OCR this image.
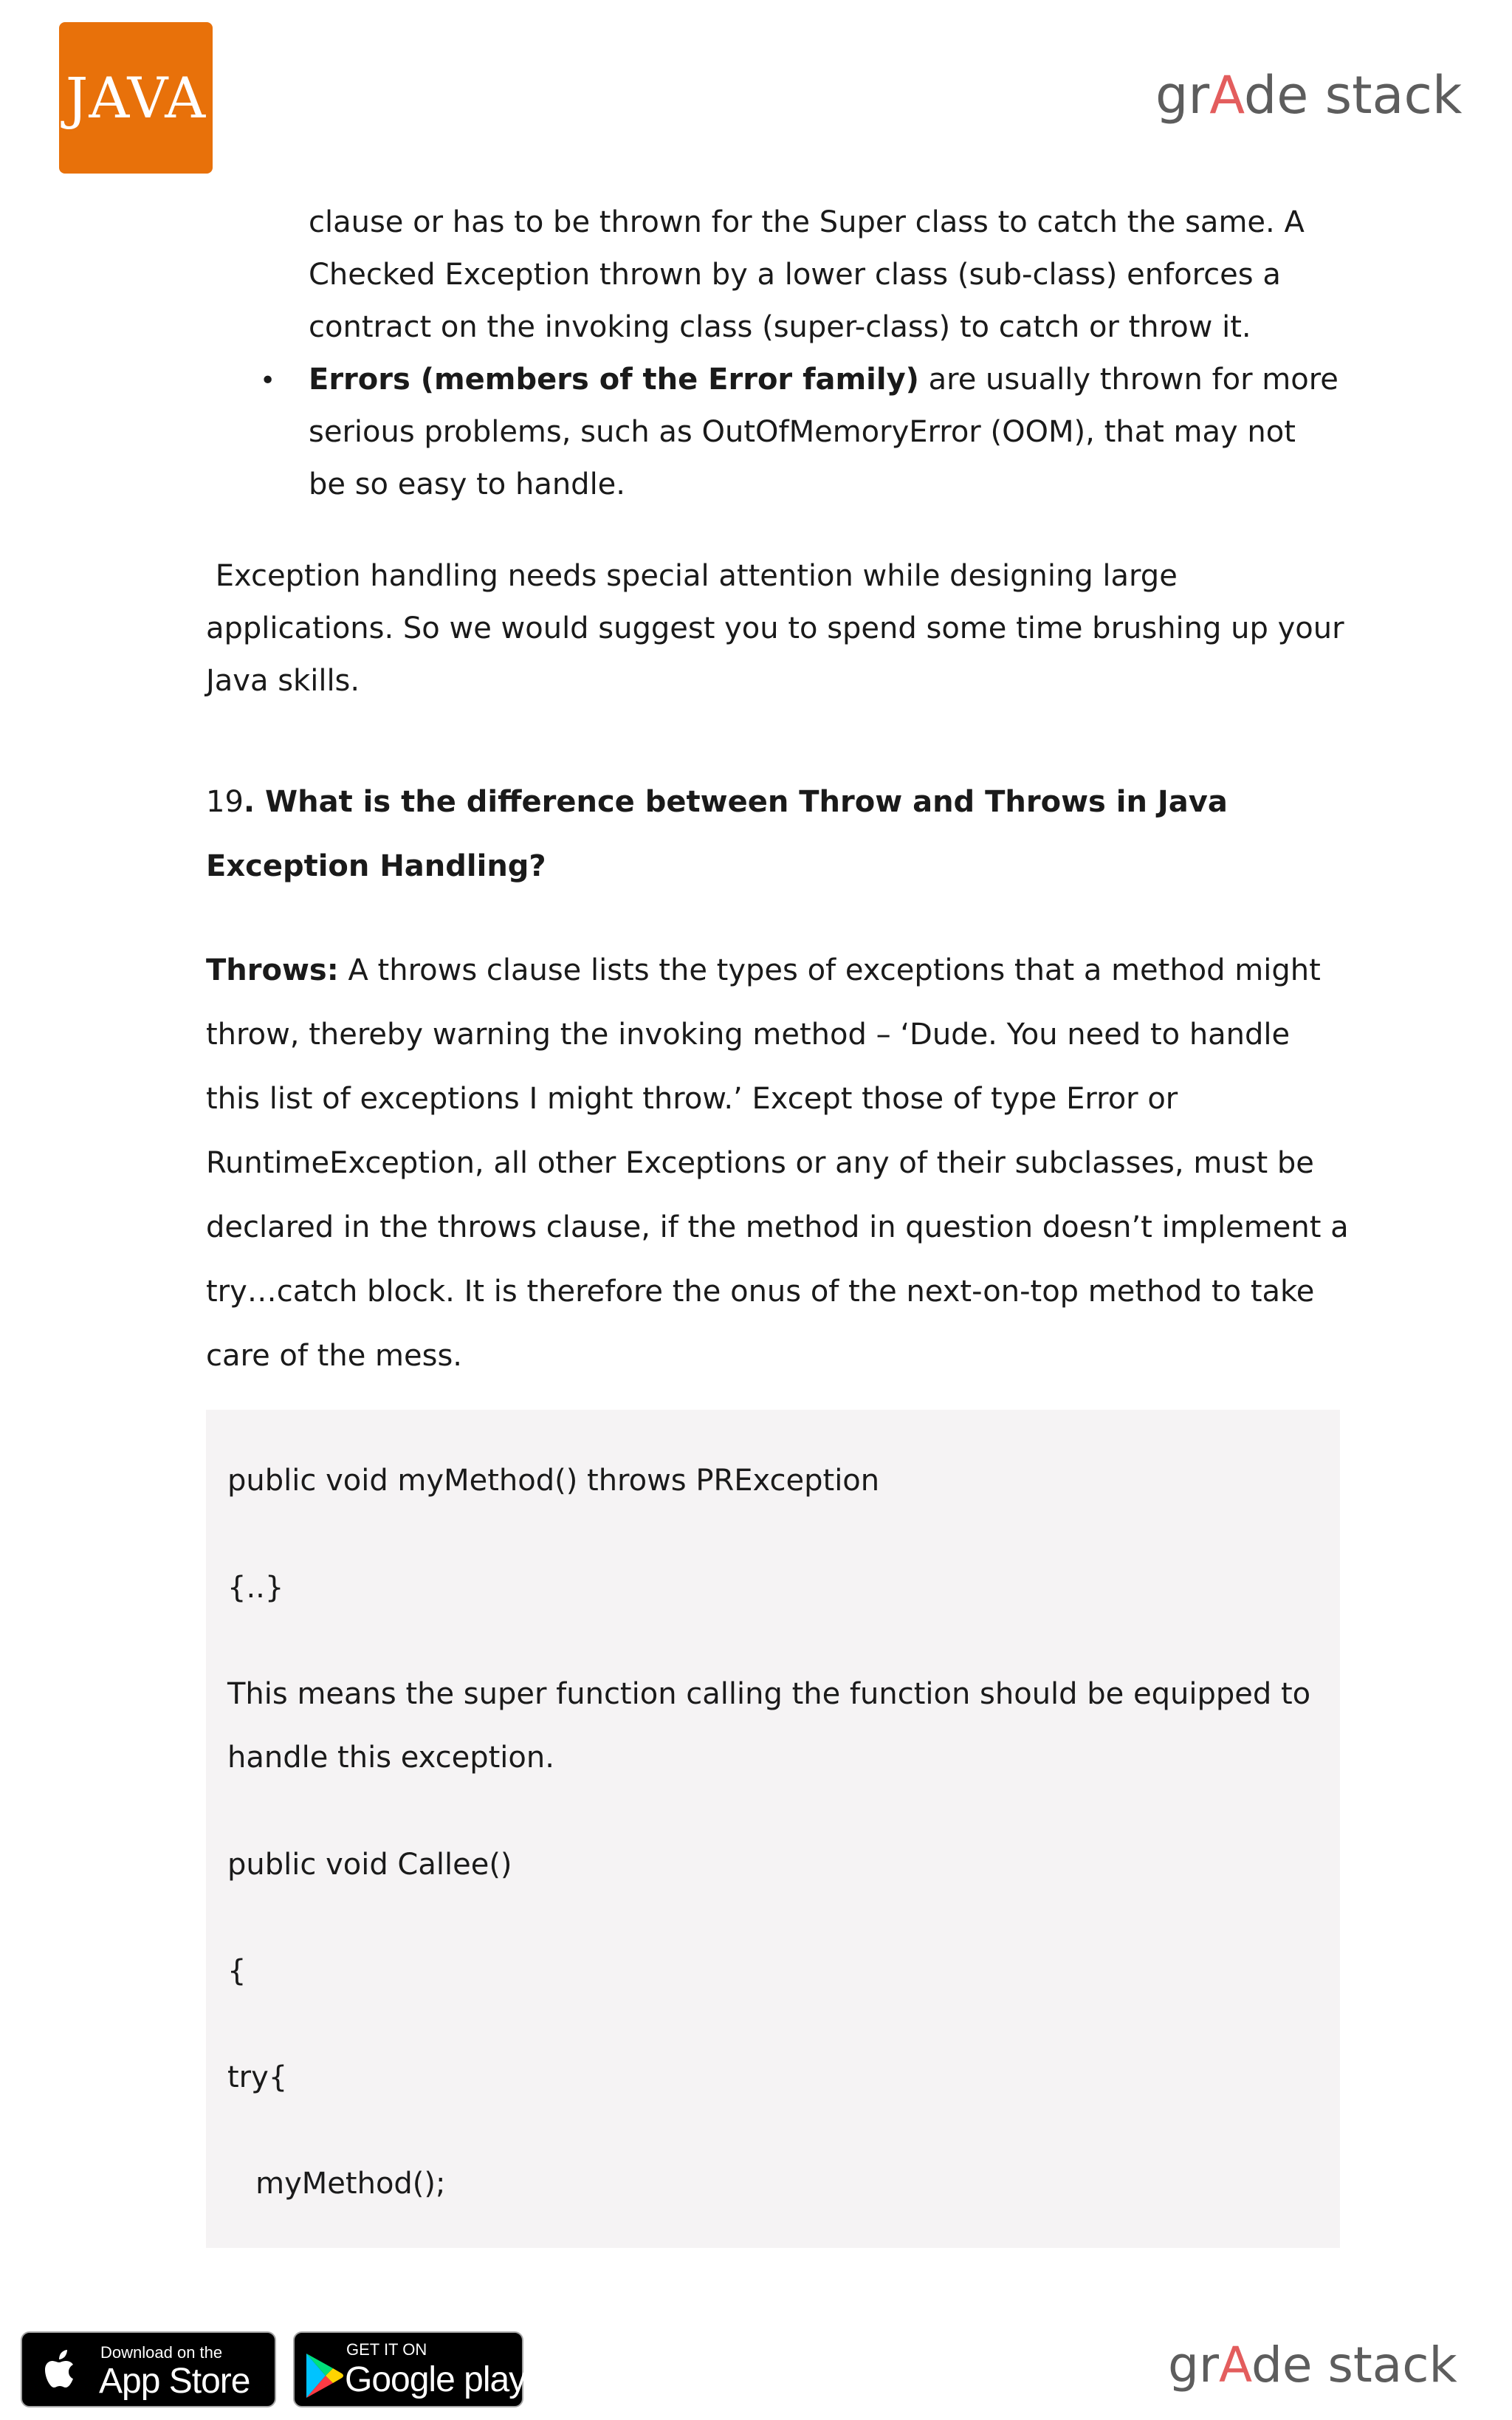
JAVA	grAde stack
clause or has to be thrown for the Super class to catch the same. A
Checked Exception thrown by a lower class (sub-class) enforces a
contract on the invoking class (super-class) to catch or throw it.
• Errors (members of the Error family) are usually thrown for more
serious problems, such as OutOfMemoryError (OOM), that may not
be so easy to handle.
Exception handling needs special attention while designing large
applications. So we would suggest you to spend some time brushing up your
Java skills.
19. What is the difference between Throw and Throws in Java
Exception Handling?
Throws: A throws clause lists the types of exceptions that a method might
throw, thereby warning the invoking method – ‘Dude. You need to handle
this list of exceptions I might throw.’ Except those of type Error or
RuntimeException, all other Exceptions or any of their subclasses, must be
declared in the throws clause, if the method in question doesn’t implement a
try…catch block. It is therefore the onus of the next-on-top method to take
care of the mess.
public void myMethod() throws PRException
{..}
This means the super function calling the function should be equipped to
handle this exception.
public void Callee()
{
try{
myMethod();
Download on the
App Store
GET IT ON
Google play	grAde stack
